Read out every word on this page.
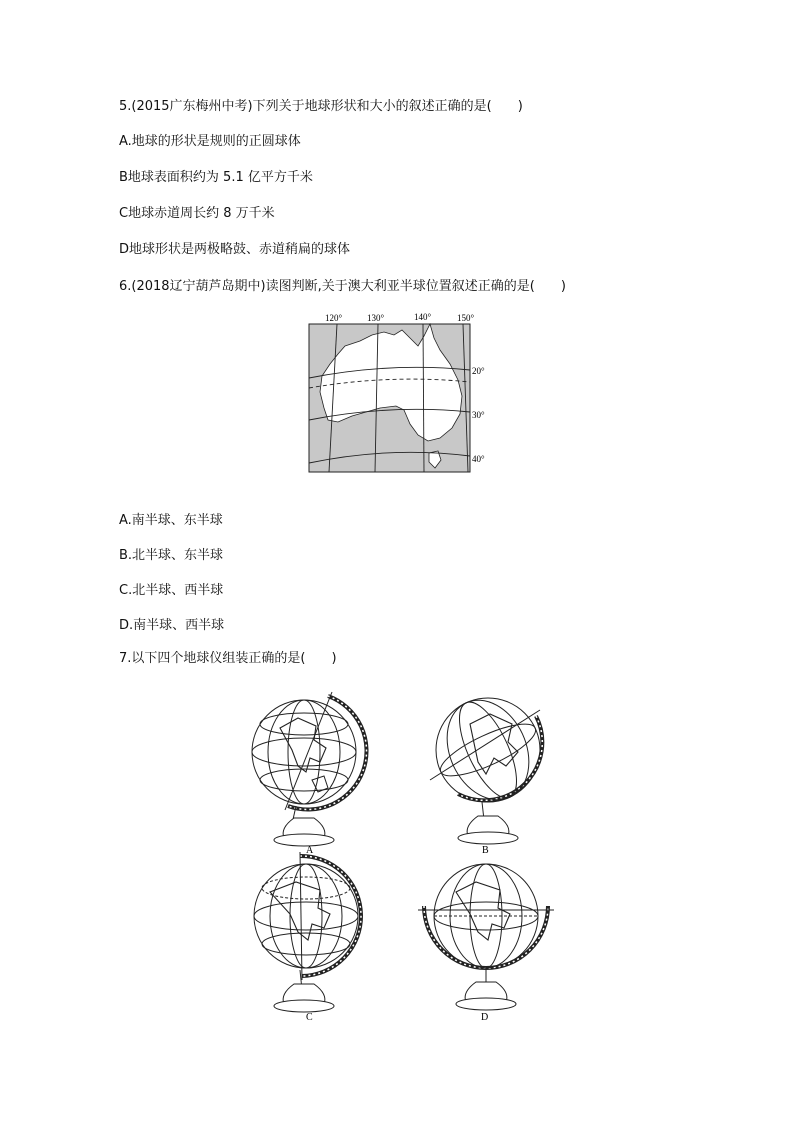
5.(2015广东梅州中考)下列关于地球形状和大小的叙述正确的是(　　)
A.地球的形状是规则的正圆球体
B地球表面积约为 5.1 亿平方千米
C地球赤道周长约 8 万千米
D地球形状是两极略鼓、赤道稍扁的球体
6.(2018辽宁葫芦岛期中)读图判断,关于澳大利亚半球位置叙述正确的是(　　)
120°	130°	140°	150°
20°
30°
40°
A.南半球、东半球
B.北半球、东半球
C.北半球、西半球
D.南半球、西半球
7.以下四个地球仪组装正确的是(　　)
A	B
C	D
